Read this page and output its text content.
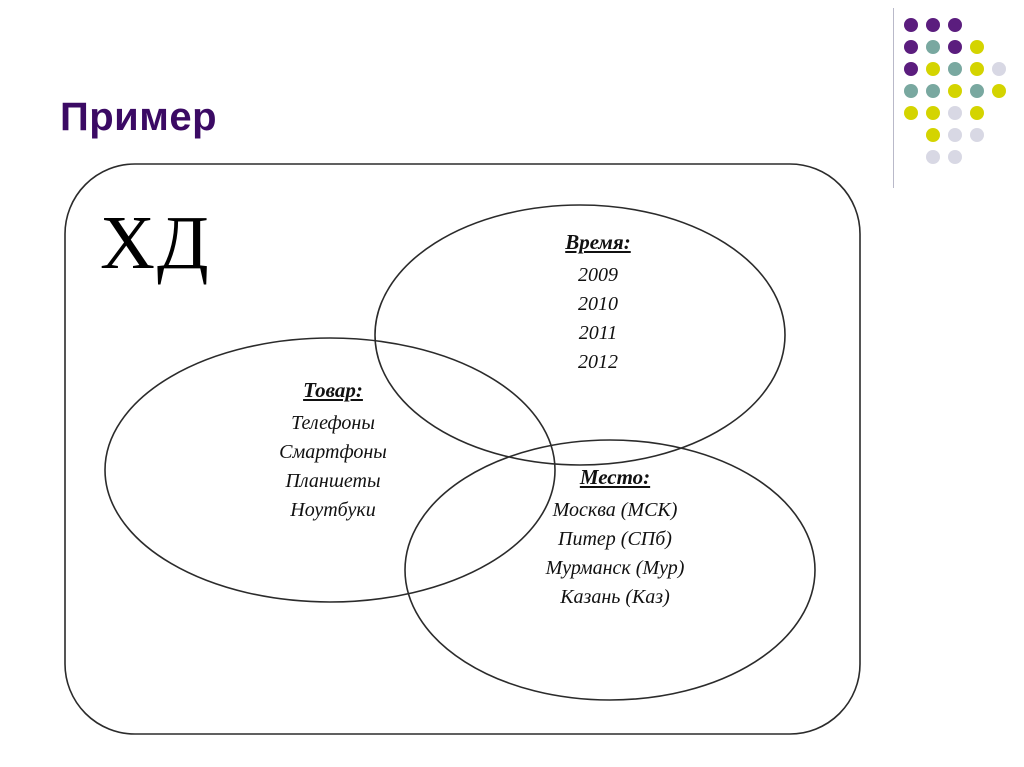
Пример
ХД	Время:
2009
2010
2011
2012
Товар:
Телефоны
Смартфоны
Планшеты
Ноутбуки
Место:
Москва (МСК)
Питер (СПб)
Мурманск (Мур)
Казань (Каз)
